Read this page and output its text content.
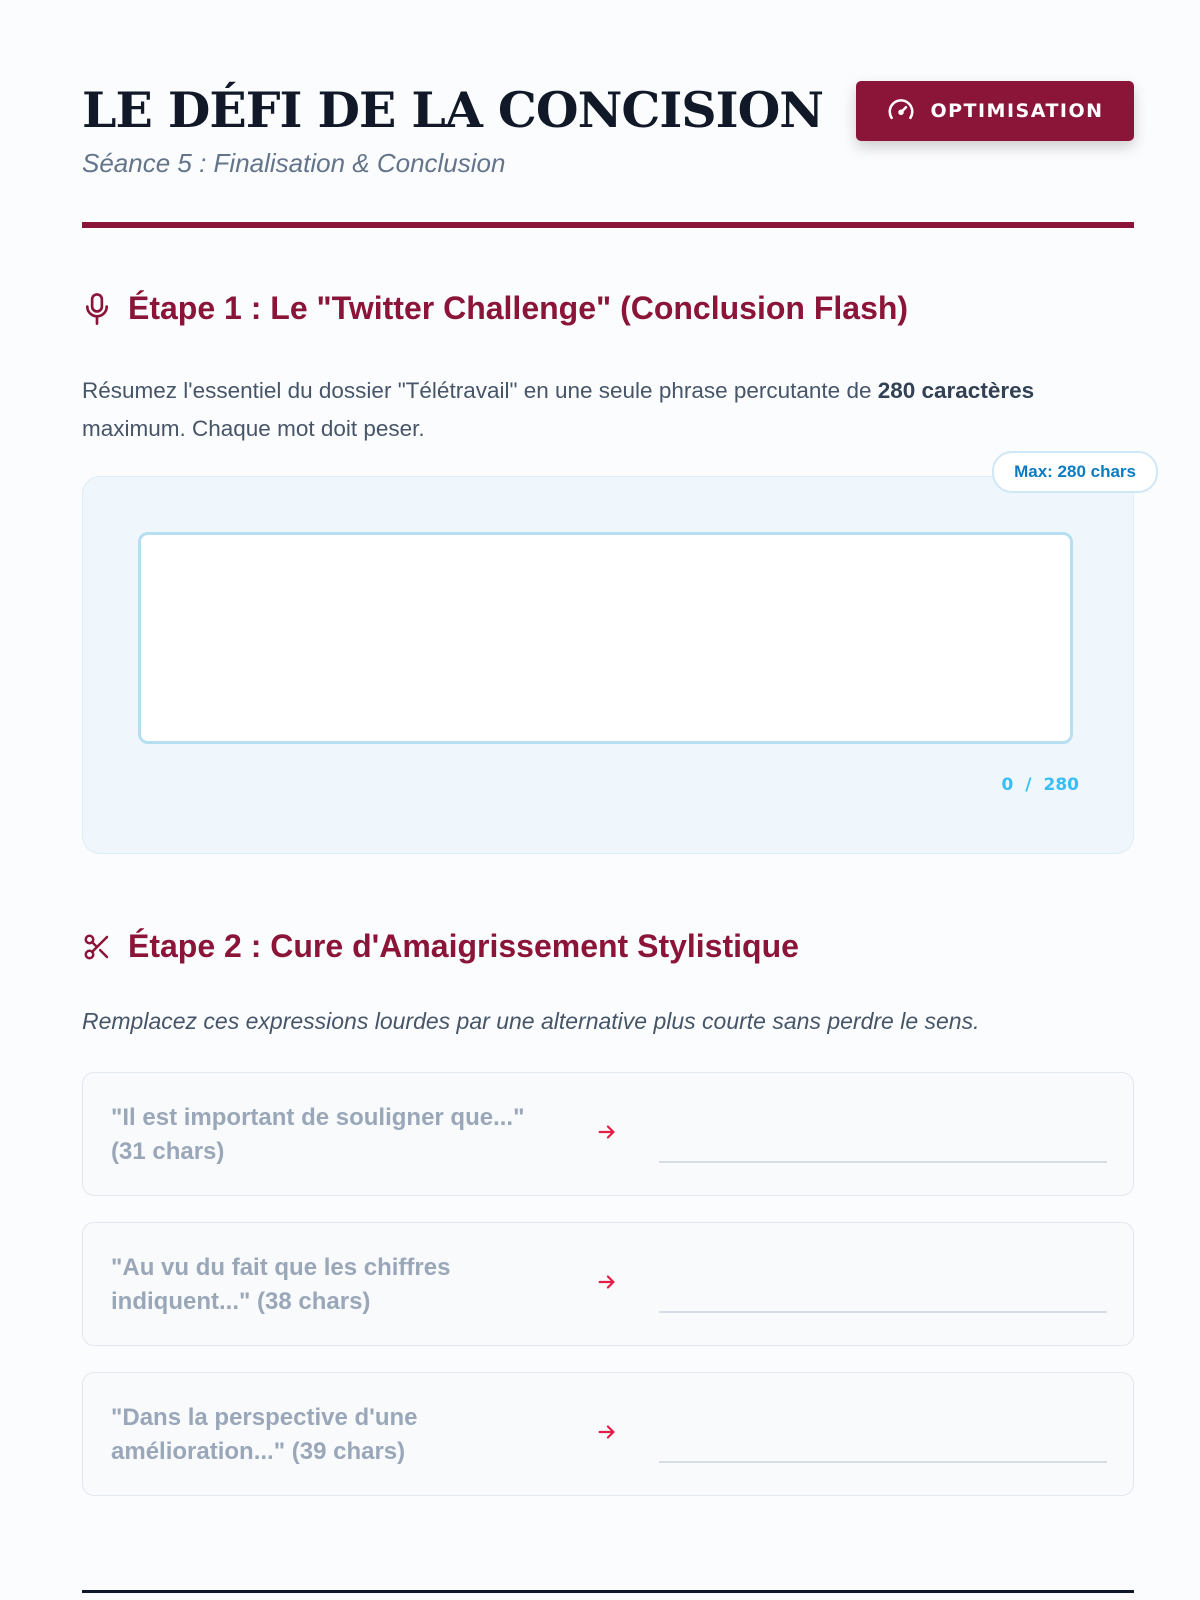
LE DÉFI DE LA CONCISION
Séance 5 : Finalisation & Conclusion
OPTIMISATION
Étape 1 : Le "Twitter Challenge" (Conclusion Flash)

Résumez l'essentiel du dossier "Télétravail" en une seule phrase percutante de 280 caractères maximum. Chaque mot doit peser.

Max: 280 chars
0 / 280
Étape 2 : Cure d'Amaigrissement Stylistique
Remplacez ces expressions lourdes par une alternative plus courte sans perdre le sens.
"Il est important de souligner que..." (31 chars)
"Au vu du fait que les chiffres indiquent..." (38 chars)
"Dans la perspective d'une amélioration..." (39 chars)
